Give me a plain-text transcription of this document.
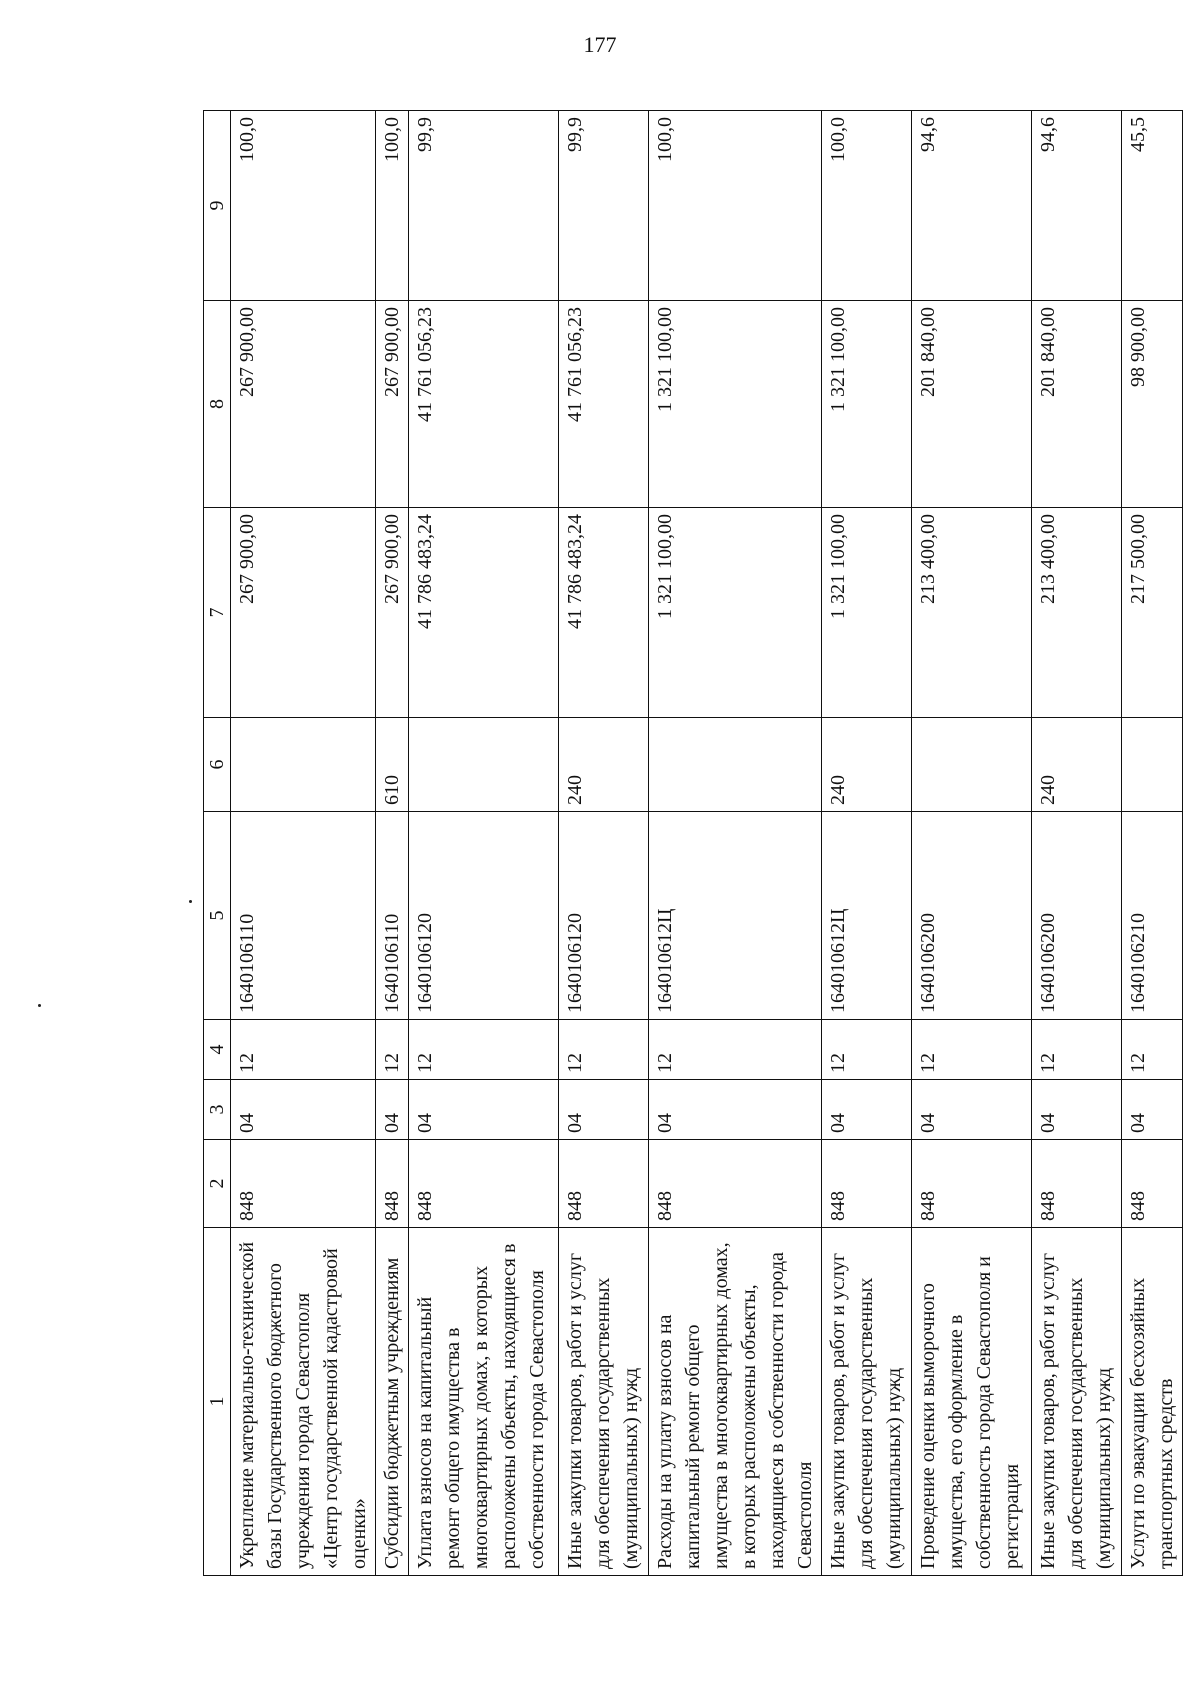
177
1	2	3	4	5	6	7	8	9
Укрепление материально-технической базы Государственного бюджетного учреждения города Севастополя «Центр государственной кадастровой оценки»	848	04	12	1640106110		267 900,00	267 900,00	100,0
Субсидии бюджетным учреждениям	848	04	12	1640106110	610	267 900,00	267 900,00	100,0
Уплата взносов на капитальный ремонт общего имущества в многоквартирных домах, в которых расположены объекты, находящиеся в собственности города Севастополя	848	04	12	1640106120		41 786 483,24	41 761 056,23	99,9
Иные закупки товаров, работ и услуг для обеспечения государственных (муниципальных) нужд	848	04	12	1640106120	240	41 786 483,24	41 761 056,23	99,9
Расходы на уплату взносов на капитальный ремонт общего имущества в многоквартирных домах, в которых расположены объекты, находящиеся в собственности города Севастополя	848	04	12	164010612Ц		1 321 100,00	1 321 100,00	100,0
Иные закупки товаров, работ и услуг для обеспечения государственных (муниципальных) нужд	848	04	12	164010612Ц	240	1 321 100,00	1 321 100,00	100,0
Проведение оценки выморочного имущества, его оформление в собственность города Севастополя и регистрация	848	04	12	1640106200		213 400,00	201 840,00	94,6
Иные закупки товаров, работ и услуг для обеспечения государственных (муниципальных) нужд	848	04	12	1640106200	240	213 400,00	201 840,00	94,6
Услуги по эвакуации бесхозяйных транспортных средств	848	04	12	1640106210		217 500,00	98 900,00	45,5
